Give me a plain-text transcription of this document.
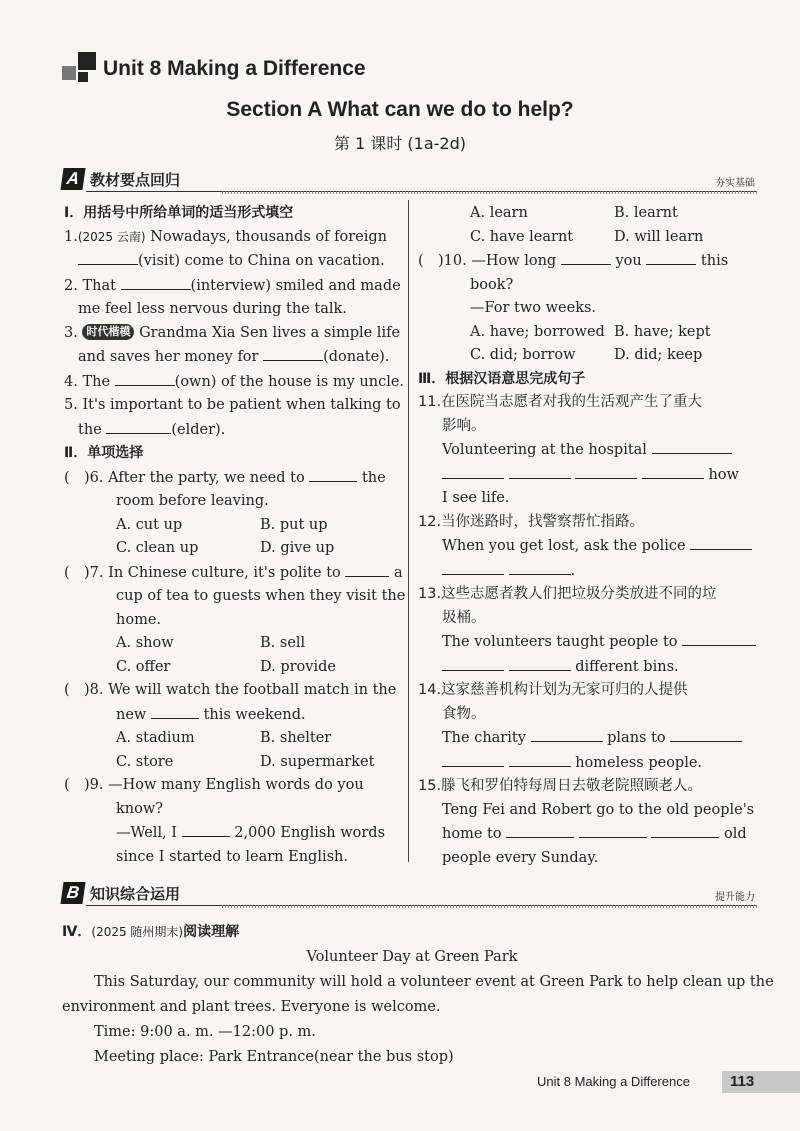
Unit 8 Making a Difference
Section A What can we do to help?
第 1 课时 (1a-2d)
A 教材要点回归	夯实基础
Ⅰ．用括号中所给单词的适当形式填空
1.(2025 云南) Nowadays, thousands of foreign
(visit) come to China on vacation.
2. That	(interview) smiled and made
me feel less nervous during the talk.
3. 时代楷模 Grandma Xia Sen lives a simple life
and saves her money for	(donate).
4. The	(own) of the house is my uncle.
5. It's important to be patient when talking to
the	(elder).
Ⅱ．单项选择
( )6. After the party, we need to	the
room before leaving.
A. cut up	B. put up
C. clean up	D. give up
( )7. In Chinese culture, it's polite to	a
cup of tea to guests when they visit the
home.
A. show	B. sell
C. offer	D. provide
( )8. We will watch the football match in the
new	this weekend.
A. stadium	B. shelter
C. store	D. supermarket
( )9. —How many English words do you
know?
—Well, I	2,000 English words
since I started to learn English.
A. learn	B. learnt
C. have learnt	D. will learn
( )10. —How long	you	this
book?
—For two weeks.
A. have; borrowed B. have; kept
C. did; borrow	D. did; keep
Ⅲ．根据汉语意思完成句子
11.在医院当志愿者对我的生活观产生了重大
影响。
Volunteering at the hospital
how
I see life.
12.当你迷路时，找警察帮忙指路。
When you get lost, ask the police
.
13.这些志愿者教人们把垃圾分类放进不同的垃
圾桶。
The volunteers taught people to
different bins.
14.这家慈善机构计划为无家可归的人提供
食物。
The charity	plans to
homeless people.
15.滕飞和罗伯特每周日去敬老院照顾老人。
Teng Fei and Robert go to the old people's
home to	old
people every Sunday.
B 知识综合运用	提升能力
Ⅳ．(2025 随州期末)阅读理解
Volunteer Day at Green Park
This Saturday, our community will hold a volunteer event at Green Park to help clean up the
environment and plant trees. Everyone is welcome.
Time: 9:00 a. m. —12:00 p. m.
Meeting place: Park Entrance(near the bus stop)
Unit 8 Making a Difference	113
